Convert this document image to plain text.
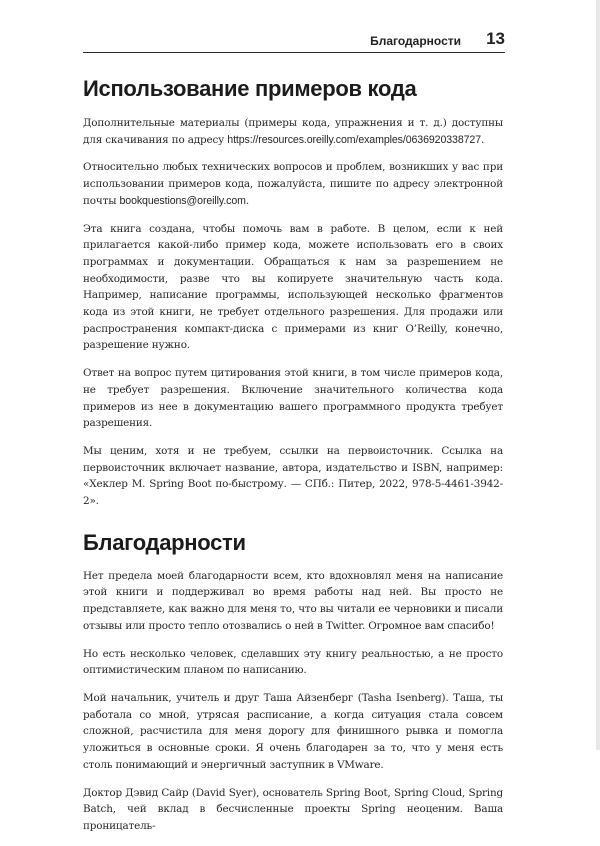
Благодарности 13
Использование примеров кода

Дополнительные материалы (примеры кода, упражнения и т. д.) доступны для скачивания по адресу https://resources.oreilly.com/examples/0636920338727.

Относительно любых технических вопросов и проблем, возникших у вас при использовании примеров кода, пожалуйста, пишите по адресу электронной почты bookquestions@oreilly.com.

Эта книга создана, чтобы помочь вам в работе. В целом, если к ней прилагается какой-либо пример кода, можете использовать его в своих программах и документации. Обращаться к нам за разрешением не необходимости, разве что вы копируете значительную часть кода. Например, написание программы, использующей несколько фрагментов кода из этой книги, не требует отдельного разрешения. Для продажи или распространения компакт-диска с примерами из книг O’Reilly, конечно, разрешение нужно.

Ответ на вопрос путем цитирования этой книги, в том числе примеров кода, не требует разрешения. Включение значительного количества кода примеров из нее в документацию вашего программного продукта требует разрешения.

Мы ценим, хотя и не требуем, ссылки на первоисточник. Ссылка на первоисточник включает название, автора, издательство и ISBN, например: «Хеклер М. Spring Boot по-быстрому. — СПб.: Питер, 2022, 978-5-4461-3942-2».

Благодарности

Нет предела моей благодарности всем, кто вдохновлял меня на написание этой книги и поддерживал во время работы над ней. Вы просто не представляете, как важно для меня то, что вы читали ее черновики и писали отзывы или просто тепло отозвались о ней в Twitter. Огромное вам спасибо!

Но есть несколько человек, сделавших эту книгу реальностью, а не просто оптимистическим планом по написанию.

Мой начальник, учитель и друг Таша Айзенберг (Tasha Isenberg). Таша, ты работала со мной, утрясая расписание, а когда ситуация стала совсем сложной, расчистила для меня дорогу для финишного рывка и помогла уложиться в основные сроки. Я очень благодарен за то, что у меня есть столь понимающий и энергичный заступник в VMware.

Доктор Дэвид Сайр (David Syer), основатель Spring Boot, Spring Cloud, Spring Batch, чей вклад в бесчисленные проекты Spring неоценим. Ваша проницатель-
